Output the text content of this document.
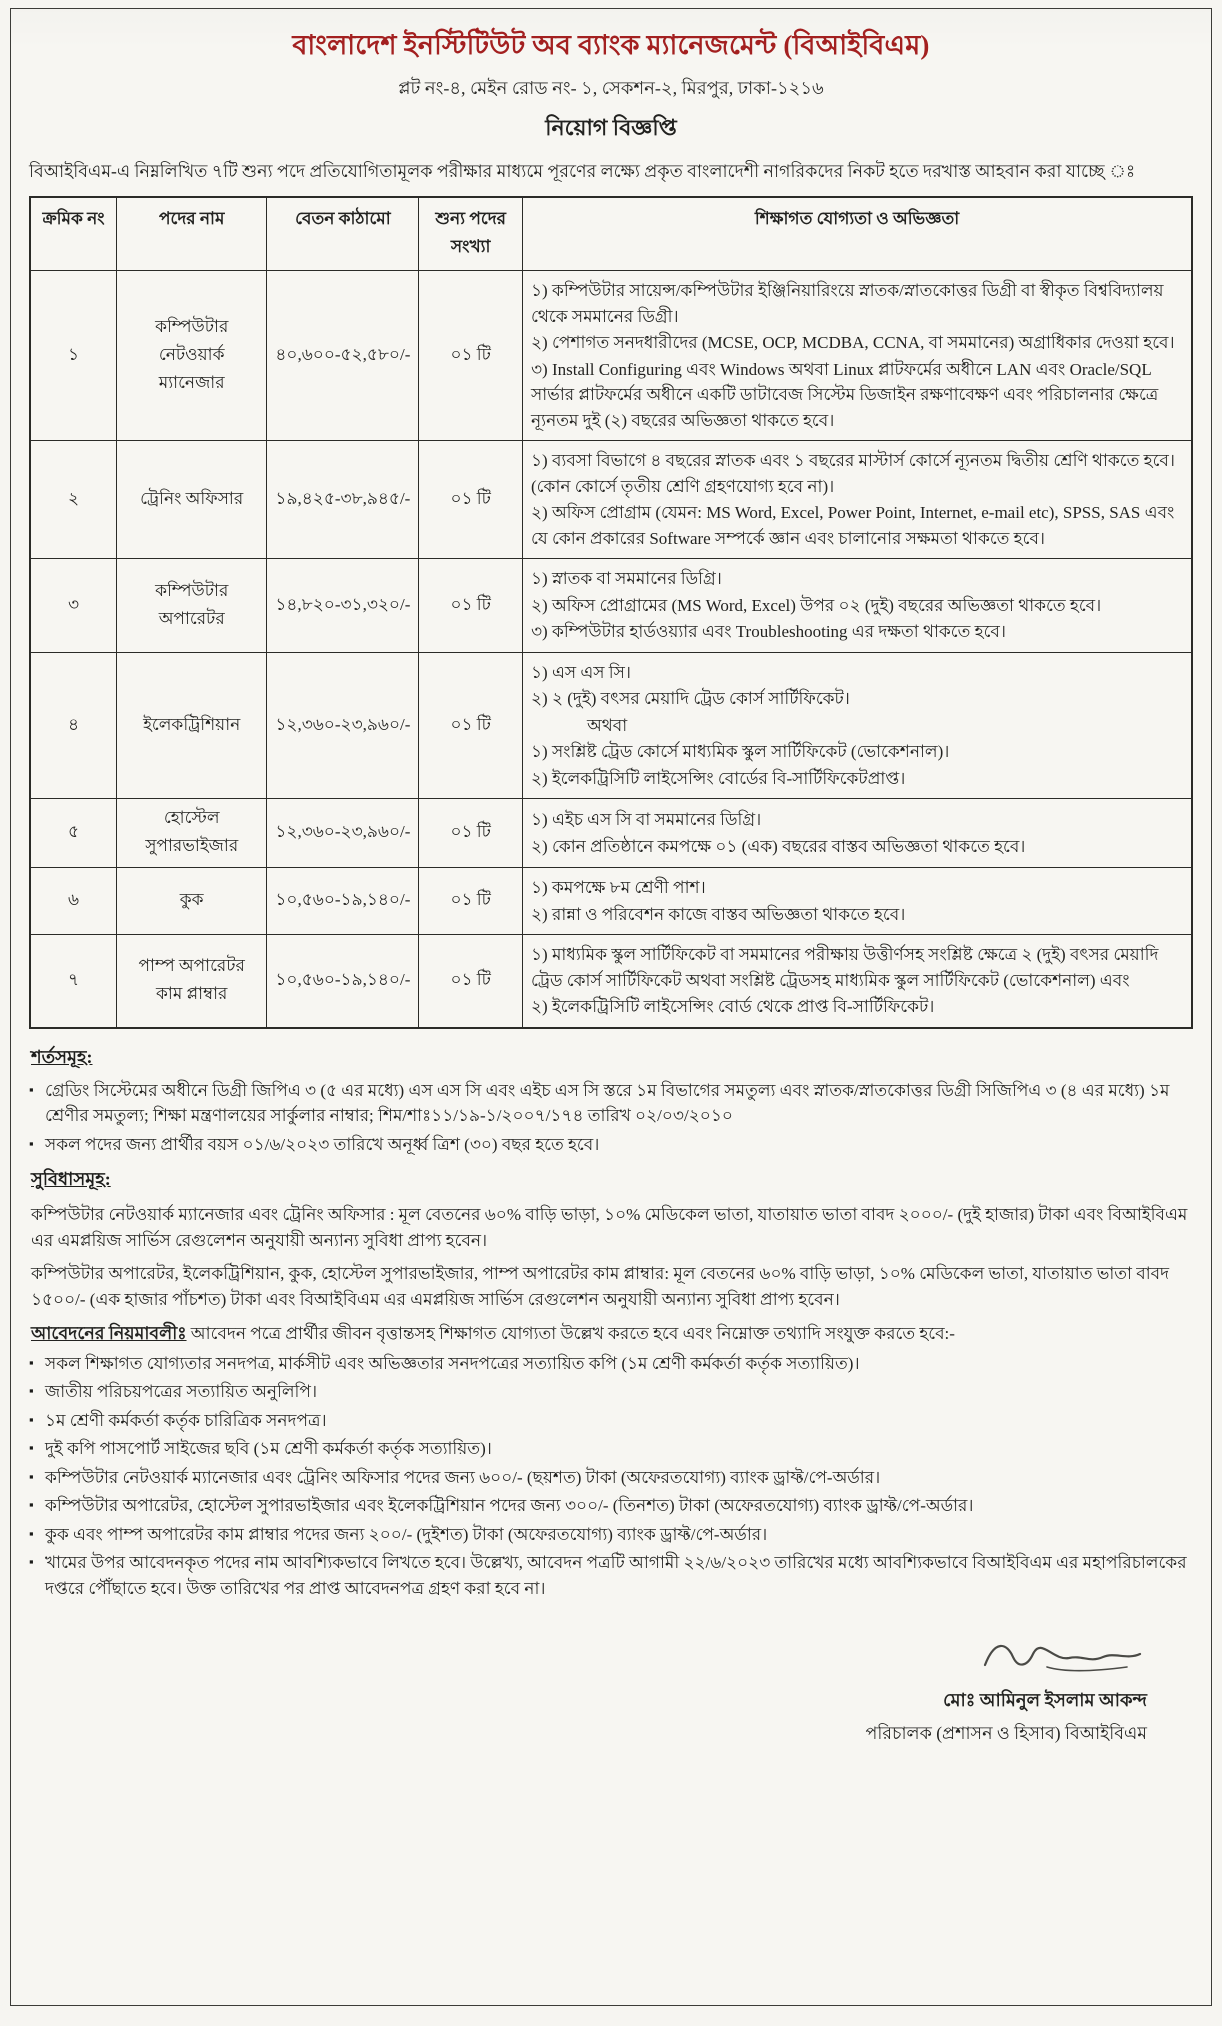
বাংলাদেশ ইনস্টিটিউট অব ব্যাংক ম্যানেজমেন্ট (বিআইবিএম)
প্লট নং-৪, মেইন রোড নং- ১, সেকশন-২, মিরপুর, ঢাকা-১২১৬
নিয়োগ বিজ্ঞপ্তি

বিআইবিএম-এ নিম্নলিখিত ৭টি শুন্য পদে প্রতিযোগিতামূলক পরীক্ষার মাধ্যমে পূরণের লক্ষ্যে প্রকৃত বাংলাদেশী নাগরিকদের নিকট হতে দরখাস্ত আহবান করা যাচ্ছে ঃ

ক্রমিক নং	পদের নাম	বেতন কাঠামো	শুন্য পদের সংখ্যা	শিক্ষাগত যোগ্যতা ও অভিজ্ঞতা
১	কম্পিউটার নেটওয়ার্ক ম্যানেজার	৪০,৬০০-৫২,৫৮০/-	০১ টি	১) কম্পিউটার সায়েন্স/কম্পিউটার ইঞ্জিনিয়ারিংয়ে স্নাতক/স্নাতকোত্তর ডিগ্রী বা স্বীকৃত বিশ্ববিদ্যালয় থেকে সমমানের ডিগ্রী।
২) পেশাগত সনদধারীদের (MCSE, OCP, MCDBA, CCNA, বা সমমানের) অগ্রাধিকার দেওয়া হবে।
৩) Install Configuring এবং Windows অথবা Linux প্লাটফর্মের অধীনে LAN এবং Oracle/SQL সার্ভার প্লাটফর্মের অধীনে একটি ডাটাবেজ সিস্টেম ডিজাইন রক্ষণাবেক্ষণ এবং পরিচালনার ক্ষেত্রে ন্যূনতম দুই (২) বছরের অভিজ্ঞতা থাকতে হবে।

২	ট্রেনিং অফিসার	১৯,৪২৫-৩৮,৯৪৫/-	০১ টি	১) ব্যবসা বিভাগে ৪ বছরের স্নাতক এবং ১ বছরের মাস্টার্স কোর্সে ন্যূনতম দ্বিতীয় শ্রেণি থাকতে হবে। (কোন কোর্সে তৃতীয় শ্রেণি গ্রহণযোগ্য হবে না)।
২) অফিস প্রোগ্রাম (যেমন: MS Word, Excel, Power Point, Internet, e-mail etc), SPSS, SAS এবং যে কোন প্রকারের Software সম্পর্কে জ্ঞান এবং চালানোর সক্ষমতা থাকতে হবে।

৩	কম্পিউটার অপারেটর	১৪,৮২০-৩১,৩২০/-	০১ টি	১) স্নাতক বা সমমানের ডিগ্রি।
২) অফিস প্রোগ্রামের (MS Word, Excel) উপর ০২ (দুই) বছরের অভিজ্ঞতা থাকতে হবে।
৩) কম্পিউটার হার্ডওয়্যার এবং Troubleshooting এর দক্ষতা থাকতে হবে।

৪	ইলেকট্রিশিয়ান	১২,৩৬০-২৩,৯৬০/-	০১ টি	১) এস এস সি।
২) ২ (দুই) বৎসর মেয়াদি ট্রেড কোর্স সার্টিফিকেট।
অথবা
১) সংশ্লিষ্ট ট্রেড কোর্সে মাধ্যমিক স্কুল সার্টিফিকেট (ভোকেশনাল)।
২) ইলেকট্রিসিটি লাইসেন্সিং বোর্ডের বি-সার্টিফিকেটপ্রাপ্ত।

৫	হোস্টেল সুপারভাইজার	১২,৩৬০-২৩,৯৬০/-	০১ টি	১) এইচ এস সি বা সমমানের ডিগ্রি।
২) কোন প্রতিষ্ঠানে কমপক্ষে ০১ (এক) বছরের বাস্তব অভিজ্ঞতা থাকতে হবে।

৬	কুক	১০,৫৬০-১৯,১৪০/-	০১ টি	১) কমপক্ষে ৮ম শ্রেণী পাশ।
২) রান্না ও পরিবেশন কাজে বাস্তব অভিজ্ঞতা থাকতে হবে।

৭	পাম্প অপারেটর কাম প্লাম্বার	১০,৫৬০-১৯,১৪০/-	০১ টি	১) মাধ্যমিক স্কুল সার্টিফিকেট বা সমমানের পরীক্ষায় উত্তীর্ণসহ সংশ্লিষ্ট ক্ষেত্রে ২ (দুই) বৎসর মেয়াদি ট্রেড কোর্স সার্টিফিকেট অথবা সংশ্লিষ্ট ট্রেডসহ মাধ্যমিক স্কুল সার্টিফিকেট (ভোকেশনাল) এবং
২) ইলেকট্রিসিটি লাইসেন্সিং বোর্ড থেকে প্রাপ্ত বি-সার্টিফিকেট।
শর্তসমূহ:
▪ গ্রেডিং সিস্টেমের অধীনে ডিগ্রী জিপিএ ৩ (৫ এর মধ্যে) এস এস সি এবং এইচ এস সি স্তরে ১ম বিভাগের সমতুল্য এবং স্নাতক/স্নাতকোত্তর ডিগ্রী সিজিপিএ ৩ (৪ এর মধ্যে) ১ম শ্রেণীর সমতুল্য; শিক্ষা মন্ত্রণালয়ের সার্কুলার নাম্বার; শিম/শাঃ১১/১৯-১/২০০৭/১৭৪ তারিখ ০২/০৩/২০১০
▪ সকল পদের জন্য প্রার্থীর বয়স ০১/৬/২০২৩ তারিখে অনূর্ধ্ব ত্রিশ (৩০) বছর হতে হবে।
সুবিধাসমূহ:
কম্পিউটার নেটওয়ার্ক ম্যানেজার এবং ট্রেনিং অফিসার : মূল বেতনের ৬০% বাড়ি ভাড়া, ১০% মেডিকেল ভাতা, যাতায়াত ভাতা বাবদ ২০০০/- (দুই হাজার) টাকা এবং বিআইবিএম এর এমপ্লয়িজ সার্ভিস রেগুলেশন অনুযায়ী অন্যান্য সুবিধা প্রাপ্য হবেন।
কম্পিউটার অপারেটর, ইলেকট্রিশিয়ান, কুক, হোস্টেল সুপারভাইজার, পাম্প অপারেটর কাম প্লাম্বার: মূল বেতনের ৬০% বাড়ি ভাড়া, ১০% মেডিকেল ভাতা, যাতায়াত ভাতা বাবদ ১৫০০/- (এক হাজার পাঁচশত) টাকা এবং বিআইবিএম এর এমপ্লয়িজ সার্ভিস রেগুলেশন অনুযায়ী অন্যান্য সুবিধা প্রাপ্য হবেন।
আবেদনের নিয়মাবলীঃ আবেদন পত্রে প্রার্থীর জীবন বৃত্তান্তসহ শিক্ষাগত যোগ্যতা উল্লেখ করতে হবে এবং নিম্নোক্ত তথ্যাদি সংযুক্ত করতে হবে:-
▪ সকল শিক্ষাগত যোগ্যতার সনদপত্র, মার্কসীট এবং অভিজ্ঞতার সনদপত্রের সত্যায়িত কপি (১ম শ্রেণী কর্মকর্তা কর্তৃক সত্যায়িত)।
▪ জাতীয় পরিচয়পত্রের সত্যায়িত অনুলিপি।
▪ ১ম শ্রেণী কর্মকর্তা কর্তৃক চারিত্রিক সনদপত্র।
▪ দুই কপি পাসপোর্ট সাইজের ছবি (১ম শ্রেণী কর্মকর্তা কর্তৃক সত্যায়িত)।
▪ কম্পিউটার নেটওয়ার্ক ম্যানেজার এবং ট্রেনিং অফিসার পদের জন্য ৬০০/- (ছয়শত) টাকা (অফেরতযোগ্য) ব্যাংক ড্রাফ্ট/পে-অর্ডার।
▪ কম্পিউটার অপারেটর, হোস্টেল সুপারভাইজার এবং ইলেকট্রিশিয়ান পদের জন্য ৩০০/- (তিনশত) টাকা (অফেরতযোগ্য) ব্যাংক ড্রাফ্ট/পে-অর্ডার।
▪ কুক এবং পাম্প অপারেটর কাম প্লাম্বার পদের জন্য ২০০/- (দুইশত) টাকা (অফেরতযোগ্য) ব্যাংক ড্রাফ্ট/পে-অর্ডার।
▪ খামের উপর আবেদনকৃত পদের নাম আবশ্যিকভাবে লিখতে হবে। উল্লেখ্য, আবেদন পত্রটি আগামী ২২/৬/২০২৩ তারিখের মধ্যে আবশ্যিকভাবে বিআইবিএম এর মহাপরিচালকের দপ্তরে পৌঁছাতে হবে। উক্ত তারিখের পর প্রাপ্ত আবেদনপত্র গ্রহণ করা হবে না।
মোঃ আমিনুল ইসলাম আকন্দ
পরিচালক (প্রশাসন ও হিসাব) বিআইবিএম
